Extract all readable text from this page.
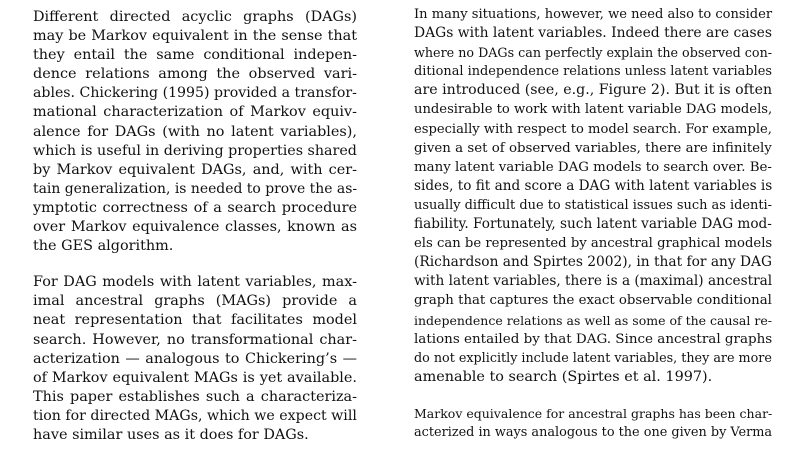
Different directed acyclic graphs (DAGs)
may be Markov equivalent in the sense that
they entail the same conditional indepen-
dence relations among the observed vari-
ables. Chickering (1995) provided a transfor-
mational characterization of Markov equiv-
alence for DAGs (with no latent variables),
which is useful in deriving properties shared
by Markov equivalent DAGs, and, with cer-
tain generalization, is needed to prove the as-
ymptotic correctness of a search procedure
over Markov equivalence classes, known as
the GES algorithm.
For DAG models with latent variables, max-
imal ancestral graphs (MAGs) provide a
neat representation that facilitates model
search. However, no transformational char-
acterization — analogous to Chickering’s —
of Markov equivalent MAGs is yet available.
This paper establishes such a characteriza-
tion for directed MAGs, which we expect will
have similar uses as it does for DAGs.
In many situations, however, we need also to consider
DAGs with latent variables. Indeed there are cases
where no DAGs can perfectly explain the observed con-
ditional independence relations unless latent variables
are introduced (see, e.g., Figure 2). But it is often
undesirable to work with latent variable DAG models,
especially with respect to model search. For example,
given a set of observed variables, there are infinitely
many latent variable DAG models to search over. Be-
sides, to fit and score a DAG with latent variables is
usually difficult due to statistical issues such as identi-
fiability. Fortunately, such latent variable DAG mod-
els can be represented by ancestral graphical models
(Richardson and Spirtes 2002), in that for any DAG
with latent variables, there is a (maximal) ancestral
graph that captures the exact observable conditional
independence relations as well as some of the causal re-
lations entailed by that DAG. Since ancestral graphs
do not explicitly include latent variables, they are more
amenable to search (Spirtes et al. 1997).
Markov equivalence for ancestral graphs has been char-
acterized in ways analogous to the one given by Verma
